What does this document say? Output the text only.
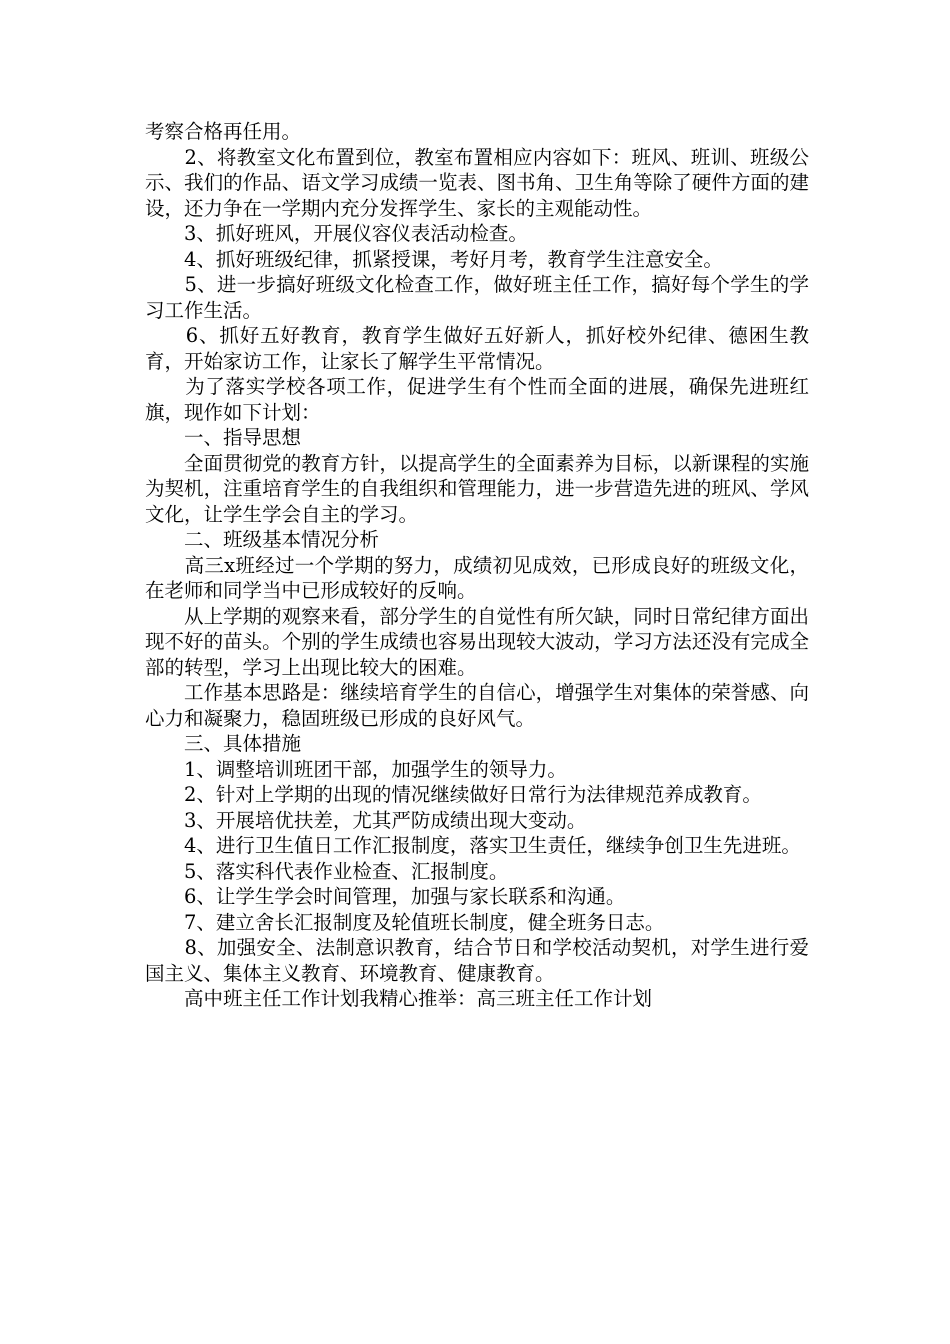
考察合格再任用。

　　2、将教室文化布置到位，教室布置相应内容如下：班风、班训、班级公示、我们的作品、语文学习成绩一览表、图书角、卫生角等除了硬件方面的建设，还力争在一学期内充分发挥学生、家长的主观能动性。

　　3、抓好班风，开展仪容仪表活动检查。

　　4、抓好班级纪律，抓紧授课，考好月考，教育学生注意安全。

　　5、进一步搞好班级文化检查工作，做好班主任工作，搞好每个学生的学习工作生活。

　　6、抓好五好教育，教育学生做好五好新人，抓好校外纪律、德困生教育，开始家访工作，让家长了解学生平常情况。

　　为了落实学校各项工作，促进学生有个性而全面的进展，确保先进班红旗，现作如下计划：

　　一、指导思想

　　全面贯彻党的教育方针，以提高学生的全面素养为目标，以新课程的实施为契机，注重培育学生的自我组织和管理能力，进一步营造先进的班风、学风文化，让学生学会自主的学习。

　　二、班级基本情况分析

　　高三x班经过一个学期的努力，成绩初见成效，已形成良好的班级文化，在老师和同学当中已形成较好的反响。

　　从上学期的观察来看，部分学生的自觉性有所欠缺，同时日常纪律方面出现不好的苗头。个别的学生成绩也容易出现较大波动，学习方法还没有完成全部的转型，学习上出现比较大的困难。

　　工作基本思路是：继续培育学生的自信心，增强学生对集体的荣誉感、向心力和凝聚力，稳固班级已形成的良好风气。

　　三、具体措施

　　1、调整培训班团干部，加强学生的领导力。

　　2、针对上学期的出现的情况继续做好日常行为法律规范养成教育。

　　3、开展培优扶差，尤其严防成绩出现大变动。

　　4、进行卫生值日工作汇报制度，落实卫生责任，继续争创卫生先进班。

　　5、落实科代表作业检查、汇报制度。

　　6、让学生学会时间管理，加强与家长联系和沟通。

　　7、建立舍长汇报制度及轮值班长制度，健全班务日志。

　　8、加强安全、法制意识教育，结合节日和学校活动契机，对学生进行爱国主义、集体主义教育、环境教育、健康教育。

　　高中班主任工作计划我精心推举：高三班主任工作计划
